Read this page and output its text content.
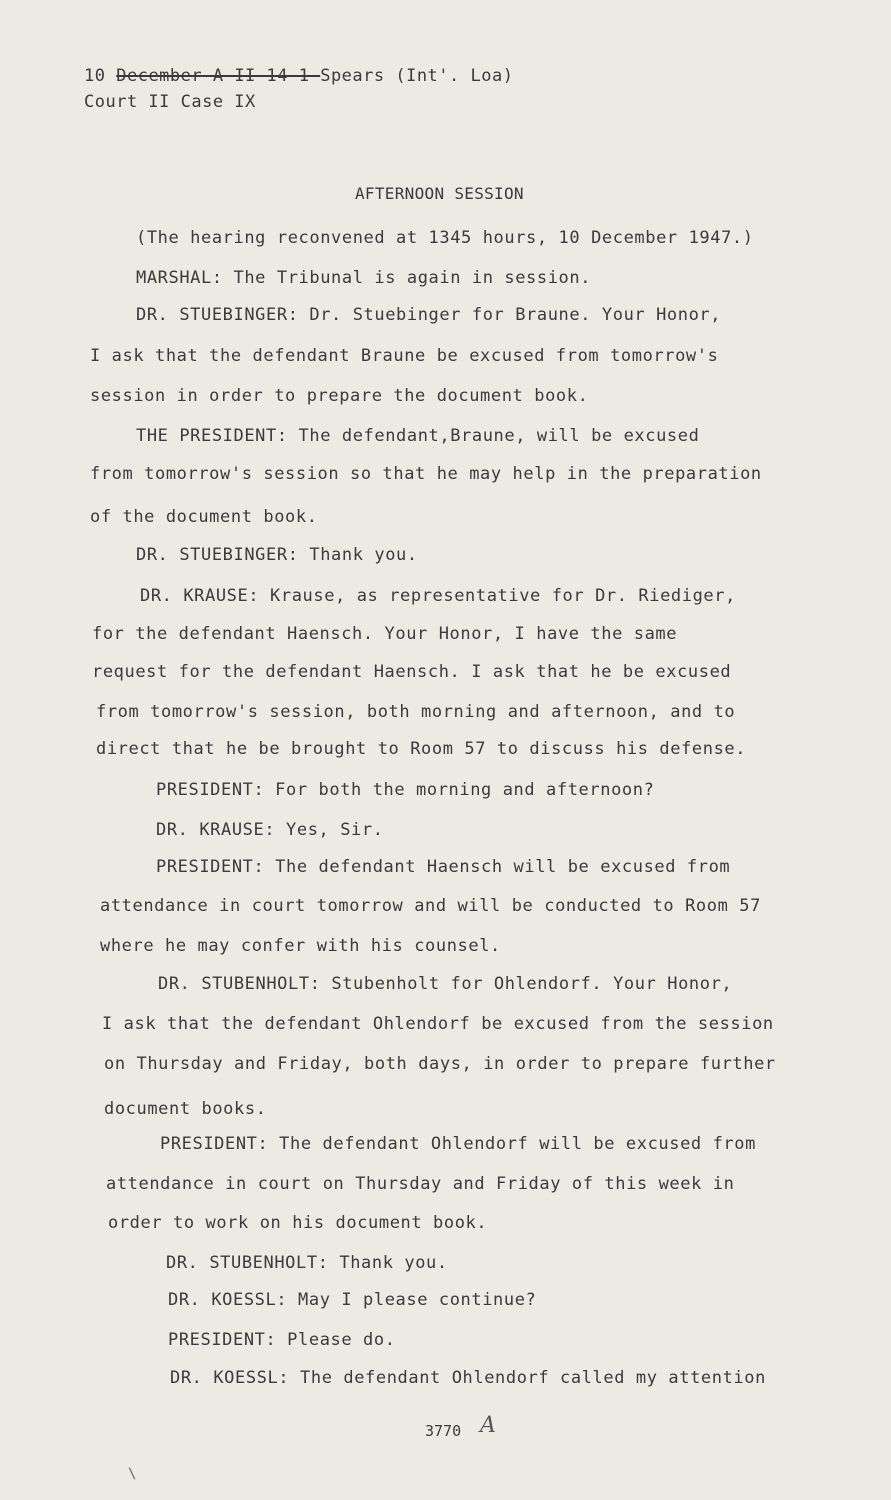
10 December-A-II-14-1-Spears (Int'. Loa)
Court II Case IX
AFTERNOON SESSION
(The hearing reconvened at 1345 hours, 10 December 1947.)
MARSHAL: The Tribunal is again in session.
DR. STUEBINGER: Dr. Stuebinger for Braune. Your Honor,
I ask that the defendant Braune be excused from tomorrow's
session in order to prepare the document book.
THE PRESIDENT: The defendant,Braune, will be excused
from tomorrow's session so that he may help in the preparation
of the document book.
DR. STUEBINGER: Thank you.
DR. KRAUSE: Krause, as representative for Dr. Riediger,
for the defendant Haensch. Your Honor, I have the same
request for the defendant Haensch. I ask that he be excused
from tomorrow's session, both morning and afternoon, and to
direct that he be brought to Room 57 to discuss his defense.
PRESIDENT: For both the morning and afternoon?
DR. KRAUSE: Yes, Sir.
PRESIDENT: The defendant Haensch will be excused from
attendance in court tomorrow and will be conducted to Room 57
where he may confer with his counsel.
DR. STUBENHOLT: Stubenholt for Ohlendorf. Your Honor,
I ask that the defendant Ohlendorf be excused from the session
on Thursday and Friday, both days, in order to prepare further
document books.
PRESIDENT: The defendant Ohlendorf will be excused from
attendance in court on Thursday and Friday of this week in
order to work on his document book.
DR. STUBENHOLT: Thank you.
DR. KOESSL: May I please continue?
PRESIDENT: Please do.
DR. KOESSL: The defendant Ohlendorf called my attention
3770 A
\
